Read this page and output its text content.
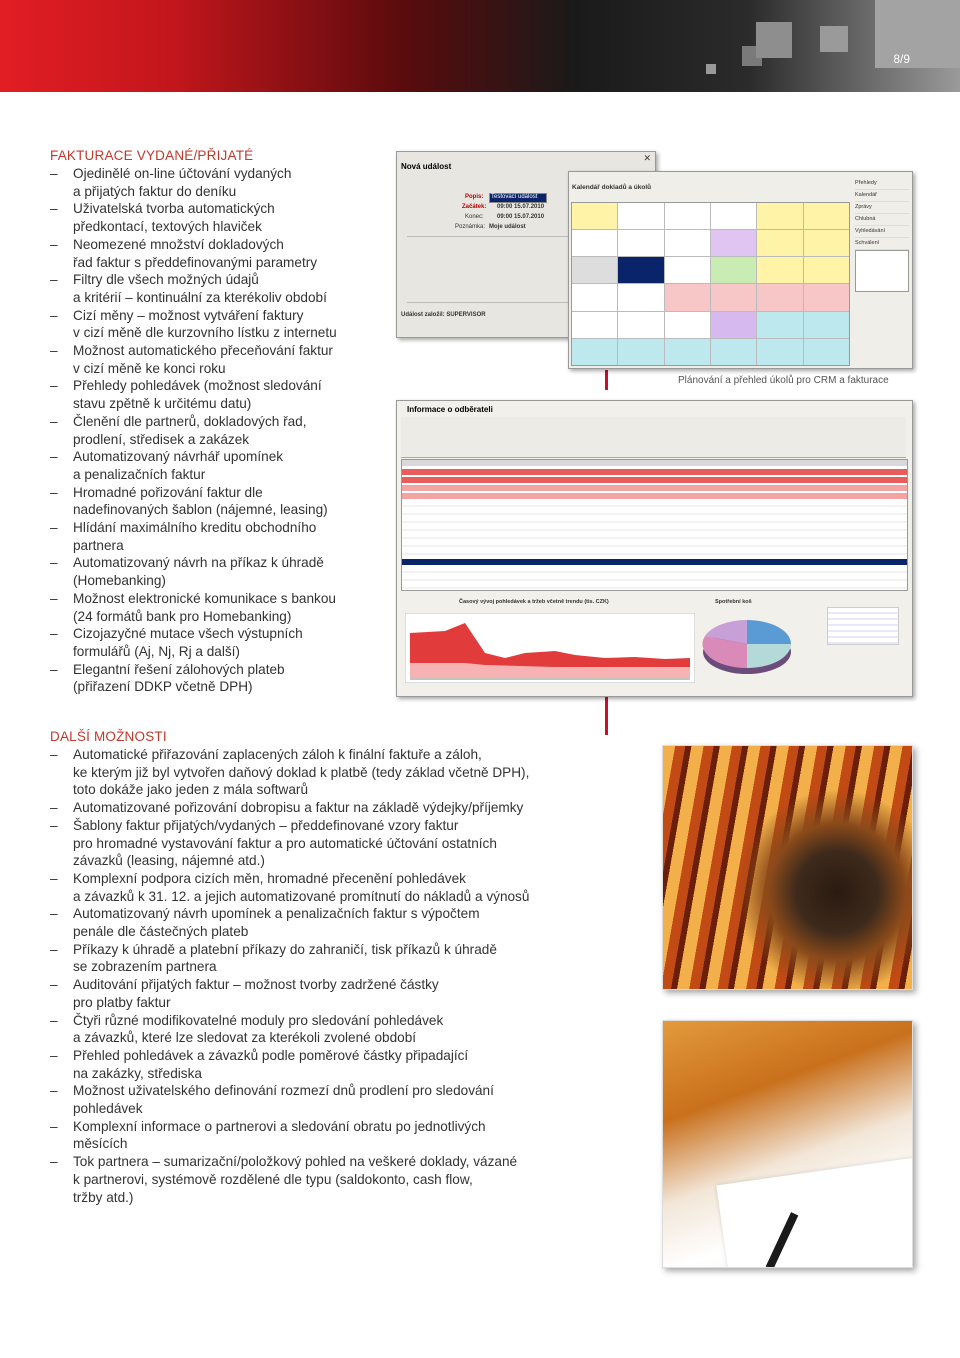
8/9
FAKTURACE VYDANÉ/PŘIJATÉ
– Ojedinělé on-line účtování vydaných
a přijatých faktur do deníku
– Uživatelská tvorba automatických
předkontací, textových hlaviček
– Neomezené množství dokladových
řad faktur s předdefinovanými parametry
– Filtry dle všech možných údajů
a kritérií – kontinuální za kterékoliv období
– Cizí měny – možnost vytváření faktury
v cizí měně dle kurzovního lístku z internetu
– Možnost automatického přeceňování faktur
v cizí měně ke konci roku
– Přehledy pohledávek (možnost sledování
stavu zpětně k určitému datu)
– Členění dle partnerů, dokladových řad,
prodlení, středisek a zakázek
– Automatizovaný návrhář upomínek
a penalizačních faktur
– Hromadné pořizování faktur dle
nadefinovaných šablon (nájemné, leasing)
– Hlídání maximálního kreditu obchodního
partnera
– Automatizovaný návrh na příkaz k úhradě
(Homebanking)
– Možnost elektronické komunikace s bankou
(24 formátů bank pro Homebanking)
– Cizojazyčné mutace všech výstupních
formulářů (Aj, Nj, Rj a další)
– Elegantní řešení zálohových plateb
(přiřazení DDKP včetně DPH)
Nová událost
✕
Popis:
Začátek:
Konec:
Poznámka:
Testovací událost
09:00 15.07.2010
09:00 15.07.2010
Moje událost
Událost založil: SUPERVISOR
Kalendář dokladů a úkolů
Přehledy
Kalendář
Zprávy
Chlubná
Vyhledávání
Schválení
Plánování a přehled úkolů pro CRM a fakturace
Informace o odběrateli
Časový vývoj pohledávek a tržeb včetně trendu (tis. CZK)	Spotřební koš
DALŠÍ MOŽNOSTI
– Automatické přiřazování zaplacených záloh k finální faktuře a záloh,
ke kterým již byl vytvořen daňový doklad k platbě (tedy základ včetně DPH),
toto dokáže jako jeden z mála softwarů
– Automatizované pořizování dobropisu a faktur na základě výdejky/příjemky
– Šablony faktur přijatých/vydaných – předdefinované vzory faktur
pro hromadné vystavování faktur a pro automatické účtování ostatních
závazků (leasing, nájemné atd.)
– Komplexní podpora cizích měn, hromadné přecenění pohledávek
a závazků k 31. 12. a jejich automatizované promítnutí do nákladů a výnosů
– Automatizovaný návrh upomínek a penalizačních faktur s výpočtem
penále dle částečných plateb
– Příkazy k úhradě a platební příkazy do zahraničí, tisk příkazů k úhradě
se zobrazením partnera
– Auditování přijatých faktur – možnost tvorby zadržené částky
pro platby faktur
– Čtyři různé modifikovatelné moduly pro sledování pohledávek
a závazků, které lze sledovat za kterékoli zvolené období
– Přehled pohledávek a závazků podle poměrové částky připadající
na zakázky, střediska
– Možnost uživatelského definování rozmezí dnů prodlení pro sledování
pohledávek
– Komplexní informace o partnerovi a sledování obratu po jednotlivých
měsících
– Tok partnera – sumarizační/položkový pohled na veškeré doklady, vázané
k partnerovi, systémově rozdělené dle typu (saldokonto, cash flow,
tržby atd.)
